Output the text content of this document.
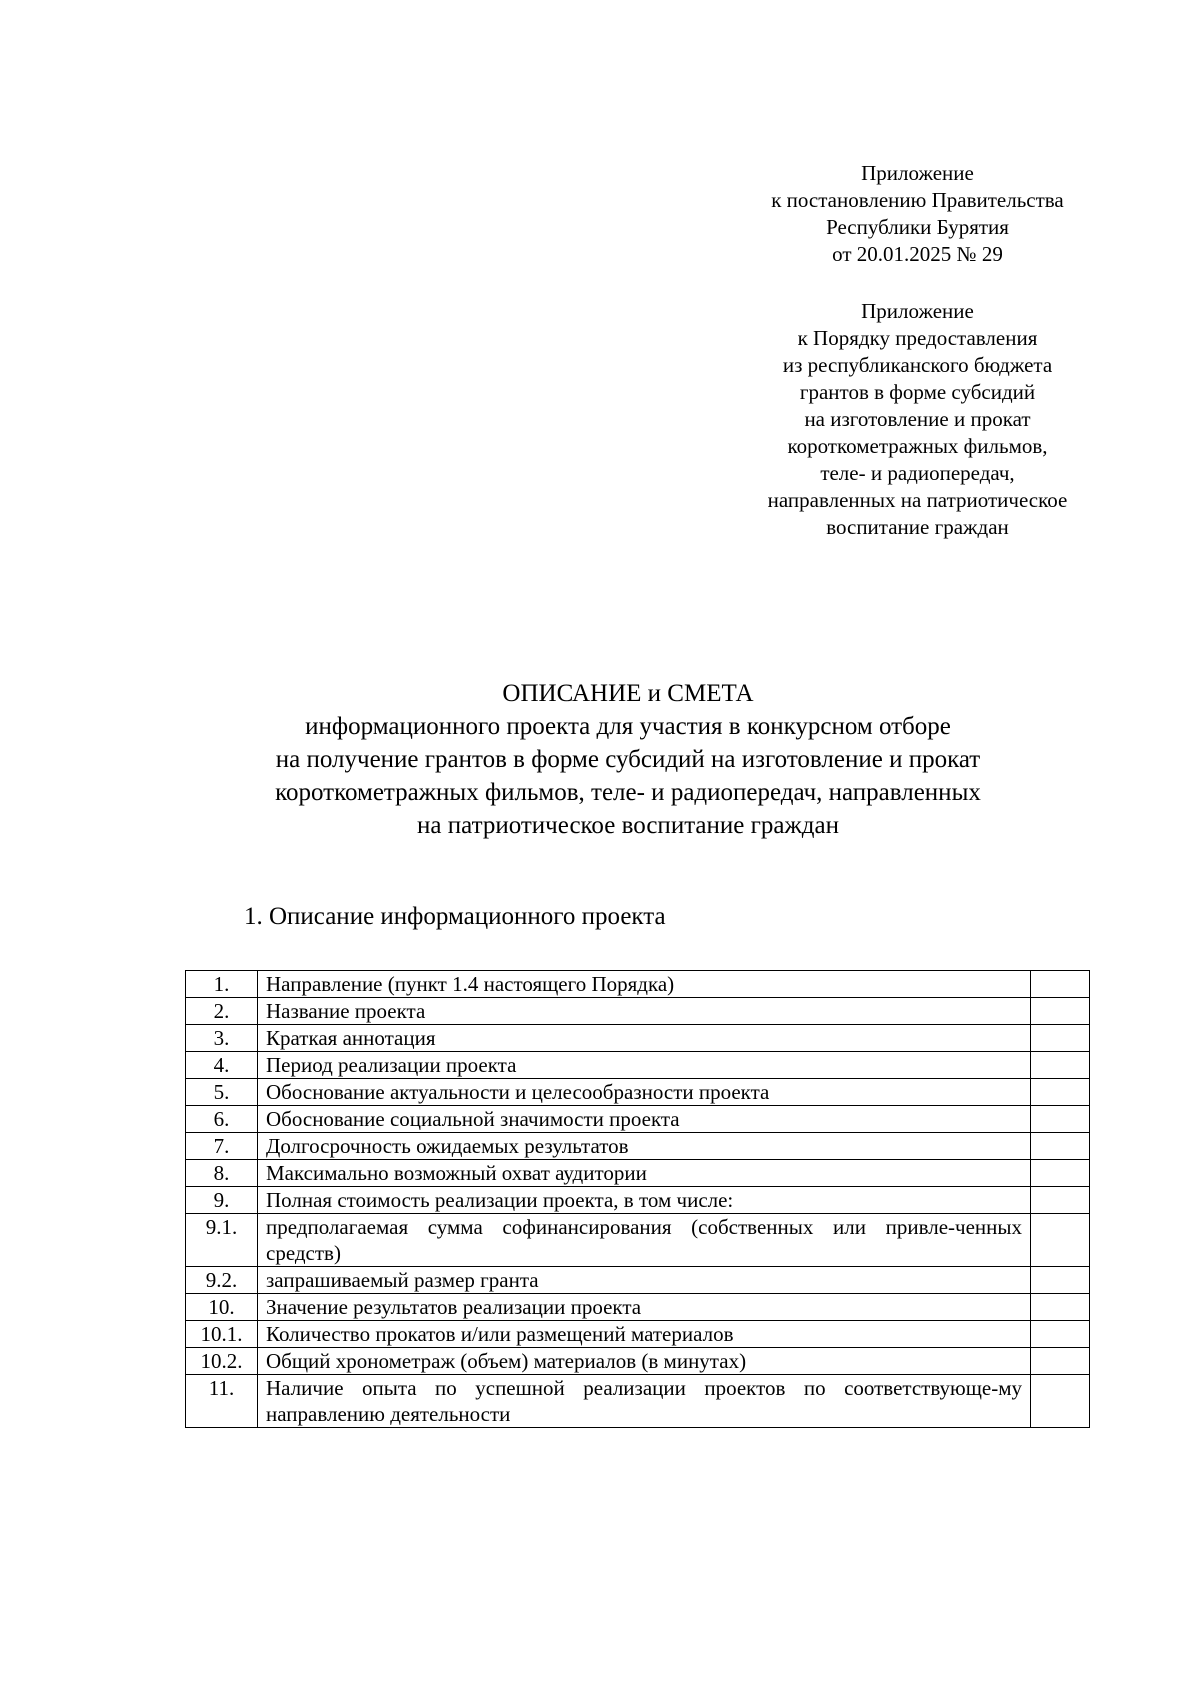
Приложение
к постановлению Правительства
Республики Бурятия
от 20.01.2025 № 29
Приложение
к Порядку предоставления
из республиканского бюджета
грантов в форме субсидий
на изготовление и прокат
короткометражных фильмов,
теле- и радиопередач,
направленных на патриотическое
воспитание граждан
ОПИСАНИЕ и СМЕТА
информационного проекта для участия в конкурсном отборе
на получение грантов в форме субсидий на изготовление и прокат
короткометражных фильмов, теле- и радиопередач, направленных
на патриотическое воспитание граждан
1. Описание информационного проекта
1.	Направление (пункт 1.4 настоящего Порядка)	
2.	Название проекта	
3.	Краткая аннотация	
4.	Период реализации проекта	
5.	Обоснование актуальности и целесообразности проекта	
6.	Обоснование социальной значимости проекта	
7.	Долгосрочность ожидаемых результатов	
8.	Максимально возможный охват аудитории	
9.	Полная стоимость реализации проекта, в том числе:	
9.1.	предполагаемая сумма софинансирования (собственных или привле-ченных средств)	
9.2.	запрашиваемый размер гранта	
10.	Значение результатов реализации проекта	
10.1.	Количество прокатов и/или размещений материалов	
10.2.	Общий хронометраж (объем) материалов (в минутах)	
11.	Наличие опыта по успешной реализации проектов по соответствующе-му направлению деятельности	
